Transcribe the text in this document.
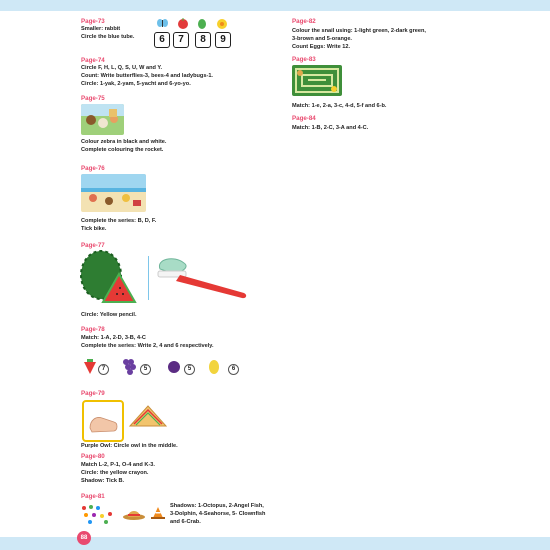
Page-73
Smaller: rabbit
Circle the blue tube.	6	7	8	9
Page-74
Circle F, H, L, Q, S, U, W and Y.
Count: Write butterflies-3, bees-4 and ladybugs-1.
Circle: 1-yak, 2-yam, 5-yacht and 6-yo-yo.
Page-75
Colour zebra in black and white.
Complete colouring the rocket.
Page-76
Complete the series: B, D, F.
Tick bike.
Page-77
Circle: Yellow pencil.
Page-78
Match: 1-A, 2-D, 3-B, 4-C
Complete the series: Write 2, 4 and 6 respectively.
7	5	5	6
Page-79
Purple Owl: Circle owl in the middle.
Page-80
Match L-2, P-1, O-4 and K-3.
Circle: the yellow crayon.
Shadow: Tick B.
Page-81
Shadows: 1-Octopus, 2-Angel Fish,
3-Dolphin, 4-Seahorse, 5- Clownfish
and 6-Crab.
Page-82
Colour the snail using: 1-light green, 2-dark green,
3-brown and 5-orange.
Count Eggs: Write 12.
Page-83
Match: 1-e, 2-a, 3-c, 4-d, 5-f and 6-b.
Page-84
Match: 1-B, 2-C, 3-A and 4-C.
88
